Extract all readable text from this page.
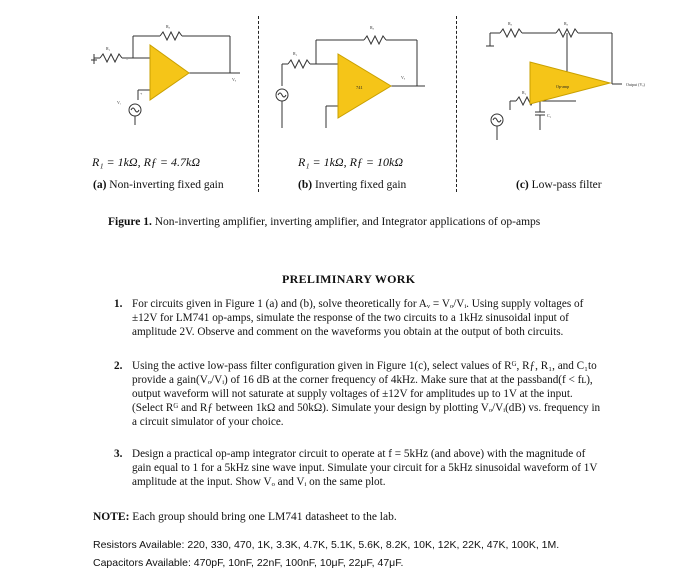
−
+
741	Op-amp	Output (Vₒ)
C₁
Rₓ
R₁
Vₒ
Vᵢ
Rₓ
R₁
Vₒ
Rₓ	Rₓ
R₁
R₁ = 1kΩ, Rƒ = 4.7kΩ	R₁ = 1kΩ, Rƒ = 10kΩ
(a) Non-inverting fixed gain	(b) Inverting fixed gain	(c) Low-pass filter
Figure 1. Non-inverting amplifier, inverting amplifier, and Integrator applications of op-amps
PRELIMINARY WORK
1. For circuits given in Figure 1 (a) and (b), solve theoretically for Aᵥ = Vₒ/Vᵢ. Using supply voltages of ±12V for LM741 op-amps, simulate the response of the two circuits to a 1kHz sinusoidal input of amplitude 2V. Observe and comment on the waveforms you obtain at the output of both circuits.
2. Using the active low-pass filter configuration given in Figure 1(c), select values of Rᴳ, Rƒ, R₁, and C₁to provide a gain(Vₒ/Vᵢ) of 16 dB at the corner frequency of 4kHz. Make sure that at the passband(f < fʟ), output waveform will not saturate at supply voltages of ±12V for amplitudes up to 1V at the input. (Select Rᴳ and Rƒ between 1kΩ and 50kΩ). Simulate your design by plotting Vₒ/Vᵢ(dB) vs. frequency in a circuit simulator of your choice.
3. Design a practical op-amp integrator circuit to operate at f = 5kHz (and above) with the magnitude of gain equal to 1 for a 5kHz sine wave input. Simulate your circuit for a 5kHz sinusoidal waveform of 1V amplitude at the input. Show Vₒ and Vᵢ on the same plot.
NOTE: Each group should bring one LM741 datasheet to the lab.
Resistors Available: 220, 330, 470, 1K, 3.3K, 4.7K, 5.1K, 5.6K, 8.2K, 10K, 12K, 22K, 47K, 100K, 1M.
Capacitors Available: 470pF, 10nF, 22nF, 100nF, 10μF, 22μF, 47μF.
